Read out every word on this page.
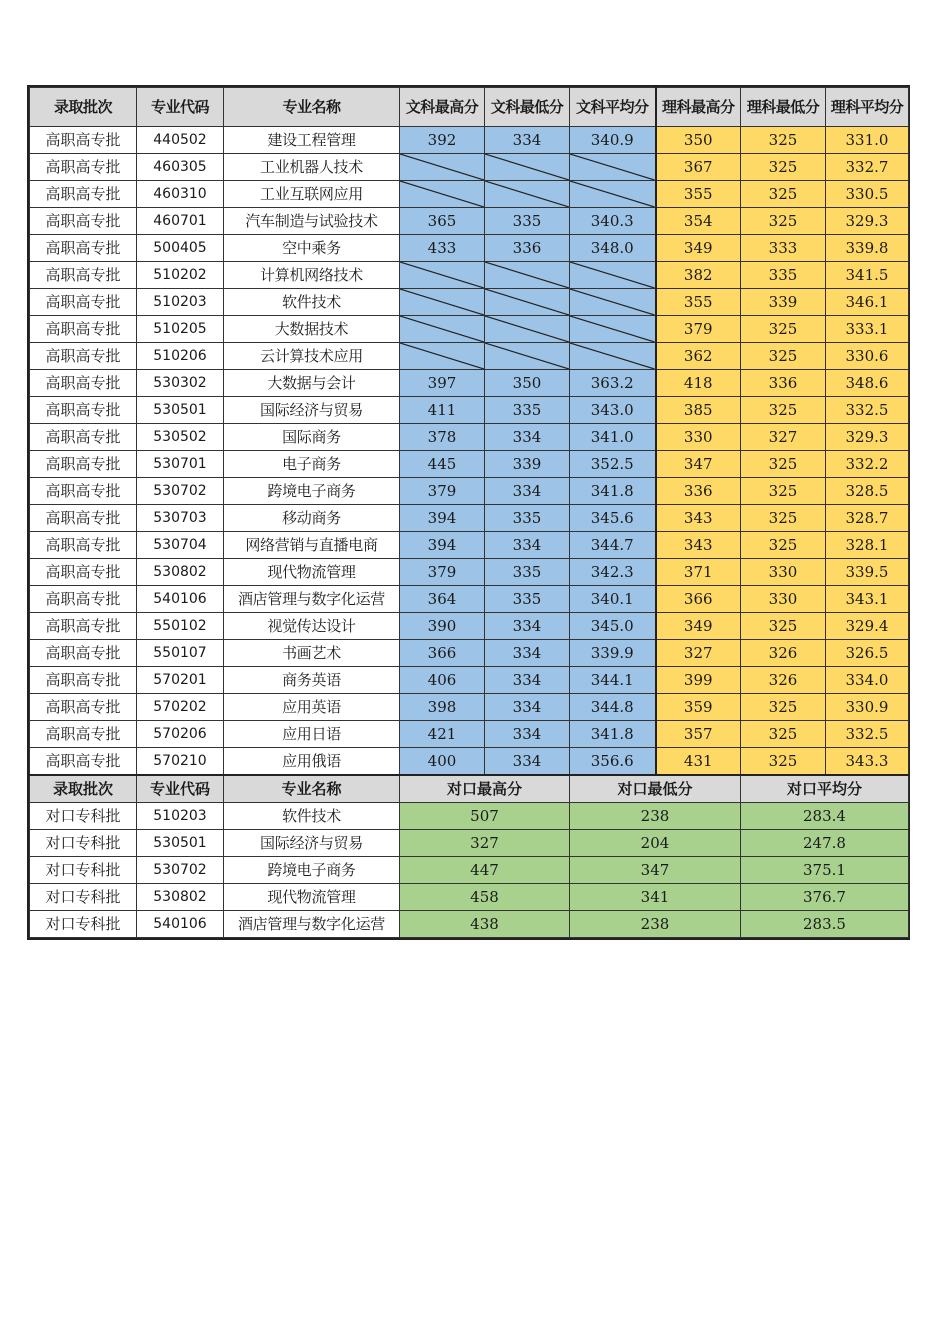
录取批次	专业代码	专业名称	文科最高分	文科最低分	文科平均分	理科最高分	理科最低分	理科平均分
高职高专批	440502	建设工程管理	392	334	340.9	350	325	331.0
高职高专批	460305	工业机器人技术				367	325	332.7
高职高专批	460310	工业互联网应用				355	325	330.5
高职高专批	460701	汽车制造与试验技术	365	335	340.3	354	325	329.3
高职高专批	500405	空中乘务	433	336	348.0	349	333	339.8
高职高专批	510202	计算机网络技术				382	335	341.5
高职高专批	510203	软件技术				355	339	346.1
高职高专批	510205	大数据技术				379	325	333.1
高职高专批	510206	云计算技术应用				362	325	330.6
高职高专批	530302	大数据与会计	397	350	363.2	418	336	348.6
高职高专批	530501	国际经济与贸易	411	335	343.0	385	325	332.5
高职高专批	530502	国际商务	378	334	341.0	330	327	329.3
高职高专批	530701	电子商务	445	339	352.5	347	325	332.2
高职高专批	530702	跨境电子商务	379	334	341.8	336	325	328.5
高职高专批	530703	移动商务	394	335	345.6	343	325	328.7
高职高专批	530704	网络营销与直播电商	394	334	344.7	343	325	328.1
高职高专批	530802	现代物流管理	379	335	342.3	371	330	339.5
高职高专批	540106	酒店管理与数字化运营	364	335	340.1	366	330	343.1
高职高专批	550102	视觉传达设计	390	334	345.0	349	325	329.4
高职高专批	550107	书画艺术	366	334	339.9	327	326	326.5
高职高专批	570201	商务英语	406	334	344.1	399	326	334.0
高职高专批	570202	应用英语	398	334	344.8	359	325	330.9
高职高专批	570206	应用日语	421	334	341.8	357	325	332.5
高职高专批	570210	应用俄语	400	334	356.6	431	325	343.3
录取批次	专业代码	专业名称	对口最高分		对口最低分		对口平均分	
对口专科批	510203	软件技术	507		238		283.4	
对口专科批	530501	国际经济与贸易	327		204		247.8	
对口专科批	530702	跨境电子商务	447		347		375.1	
对口专科批	530802	现代物流管理	458		341		376.7	
对口专科批	540106	酒店管理与数字化运营	438		238		283.5	
